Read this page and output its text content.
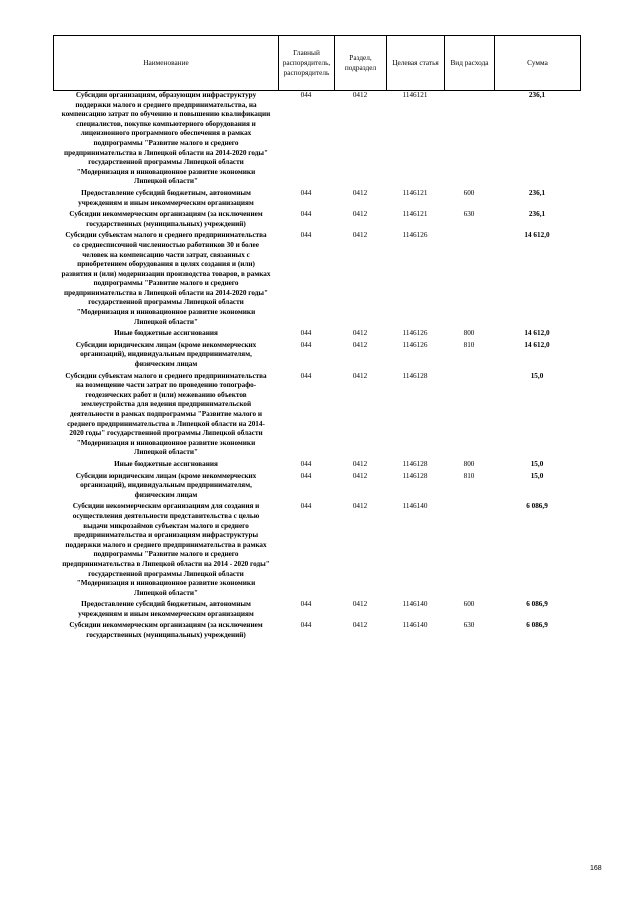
Наименование	Главный распорядитель, распорядитель	Раздел, подраздел	Целевая статья	Вид расхода	Сумма
Субсидии организациям, образующим инфраструктуру поддержки малого и среднего предпринимательства, на компенсацию затрат по обучению и повышению квалификации специалистов, покупке компьютерного оборудования и лицензионного программного обеспечения в рамках подпрограммы "Развитие малого и среднего предпринимательства в Липецкой области на 2014-2020 годы" государственной программы Липецкой области "Модернизация и инновационное развитие экономики Липецкой области"	044	0412	1146121		236,1
Предоставление субсидий бюджетным, автономным учреждениям и иным некоммерческим организациям	044	0412	1146121	600	236,1
Субсидии некоммерческим организациям (за исключением государственных (муниципальных) учреждений)	044	0412	1146121	630	236,1
Субсидии субъектам малого и среднего предпринимательства со среднесписочной численностью работников 30 и более человек на компенсацию части затрат, связанных с приобретением оборудования в целях создания и (или) развития и (или) модернизации производства товаров, в рамках подпрограммы "Развитие малого и среднего предпринимательства в Липецкой области на 2014-2020 годы" государственной программы Липецкой области "Модернизация и инновационное развитие экономики Липецкой области"	044	0412	1146126		14 612,0
Иные бюджетные ассигнования	044	0412	1146126	800	14 612,0
Субсидии юридическим лицам (кроме некоммерческих организаций), индивидуальным предпринимателям, физическим лицам	044	0412	1146126	810	14 612,0
Субсидии субъектам малого и среднего предпринимательства на возмещение части затрат по проведению топографо-геодезических работ и (или) межеванию объектов землеустройства для ведения предпринимательской деятельности в рамках подпрограммы "Развитие малого и среднего предпринимательства в Липецкой области на 2014-2020 годы" государственной программы Липецкой области "Модернизация и инновационное развитие экономики Липецкой области"	044	0412	1146128		15,0
Иные бюджетные ассигнования	044	0412	1146128	800	15,0
Субсидии юридическим лицам (кроме некоммерческих организаций), индивидуальным предпринимателям, физическим лицам	044	0412	1146128	810	15,0
Субсидии некоммерческим организациям для создания и осуществления деятельности представительства с целью выдачи микрозаймов субъектам малого и среднего предпринимательства и организациям инфраструктуры поддержки малого и среднего предпринимательства в рамках подпрограммы "Развитие малого и среднего предпринимательства в Липецкой области на 2014 - 2020 годы" государственной программы Липецкой области "Модернизация и инновационное развитие экономики Липецкой области"	044	0412	1146140		6 086,9
Предоставление субсидий бюджетным, автономным учреждениям и иным некоммерческим организациям	044	0412	1146140	600	6 086,9
Субсидии некоммерческим организациям (за исключением государственных (муниципальных) учреждений)	044	0412	1146140	630	6 086,9
168
